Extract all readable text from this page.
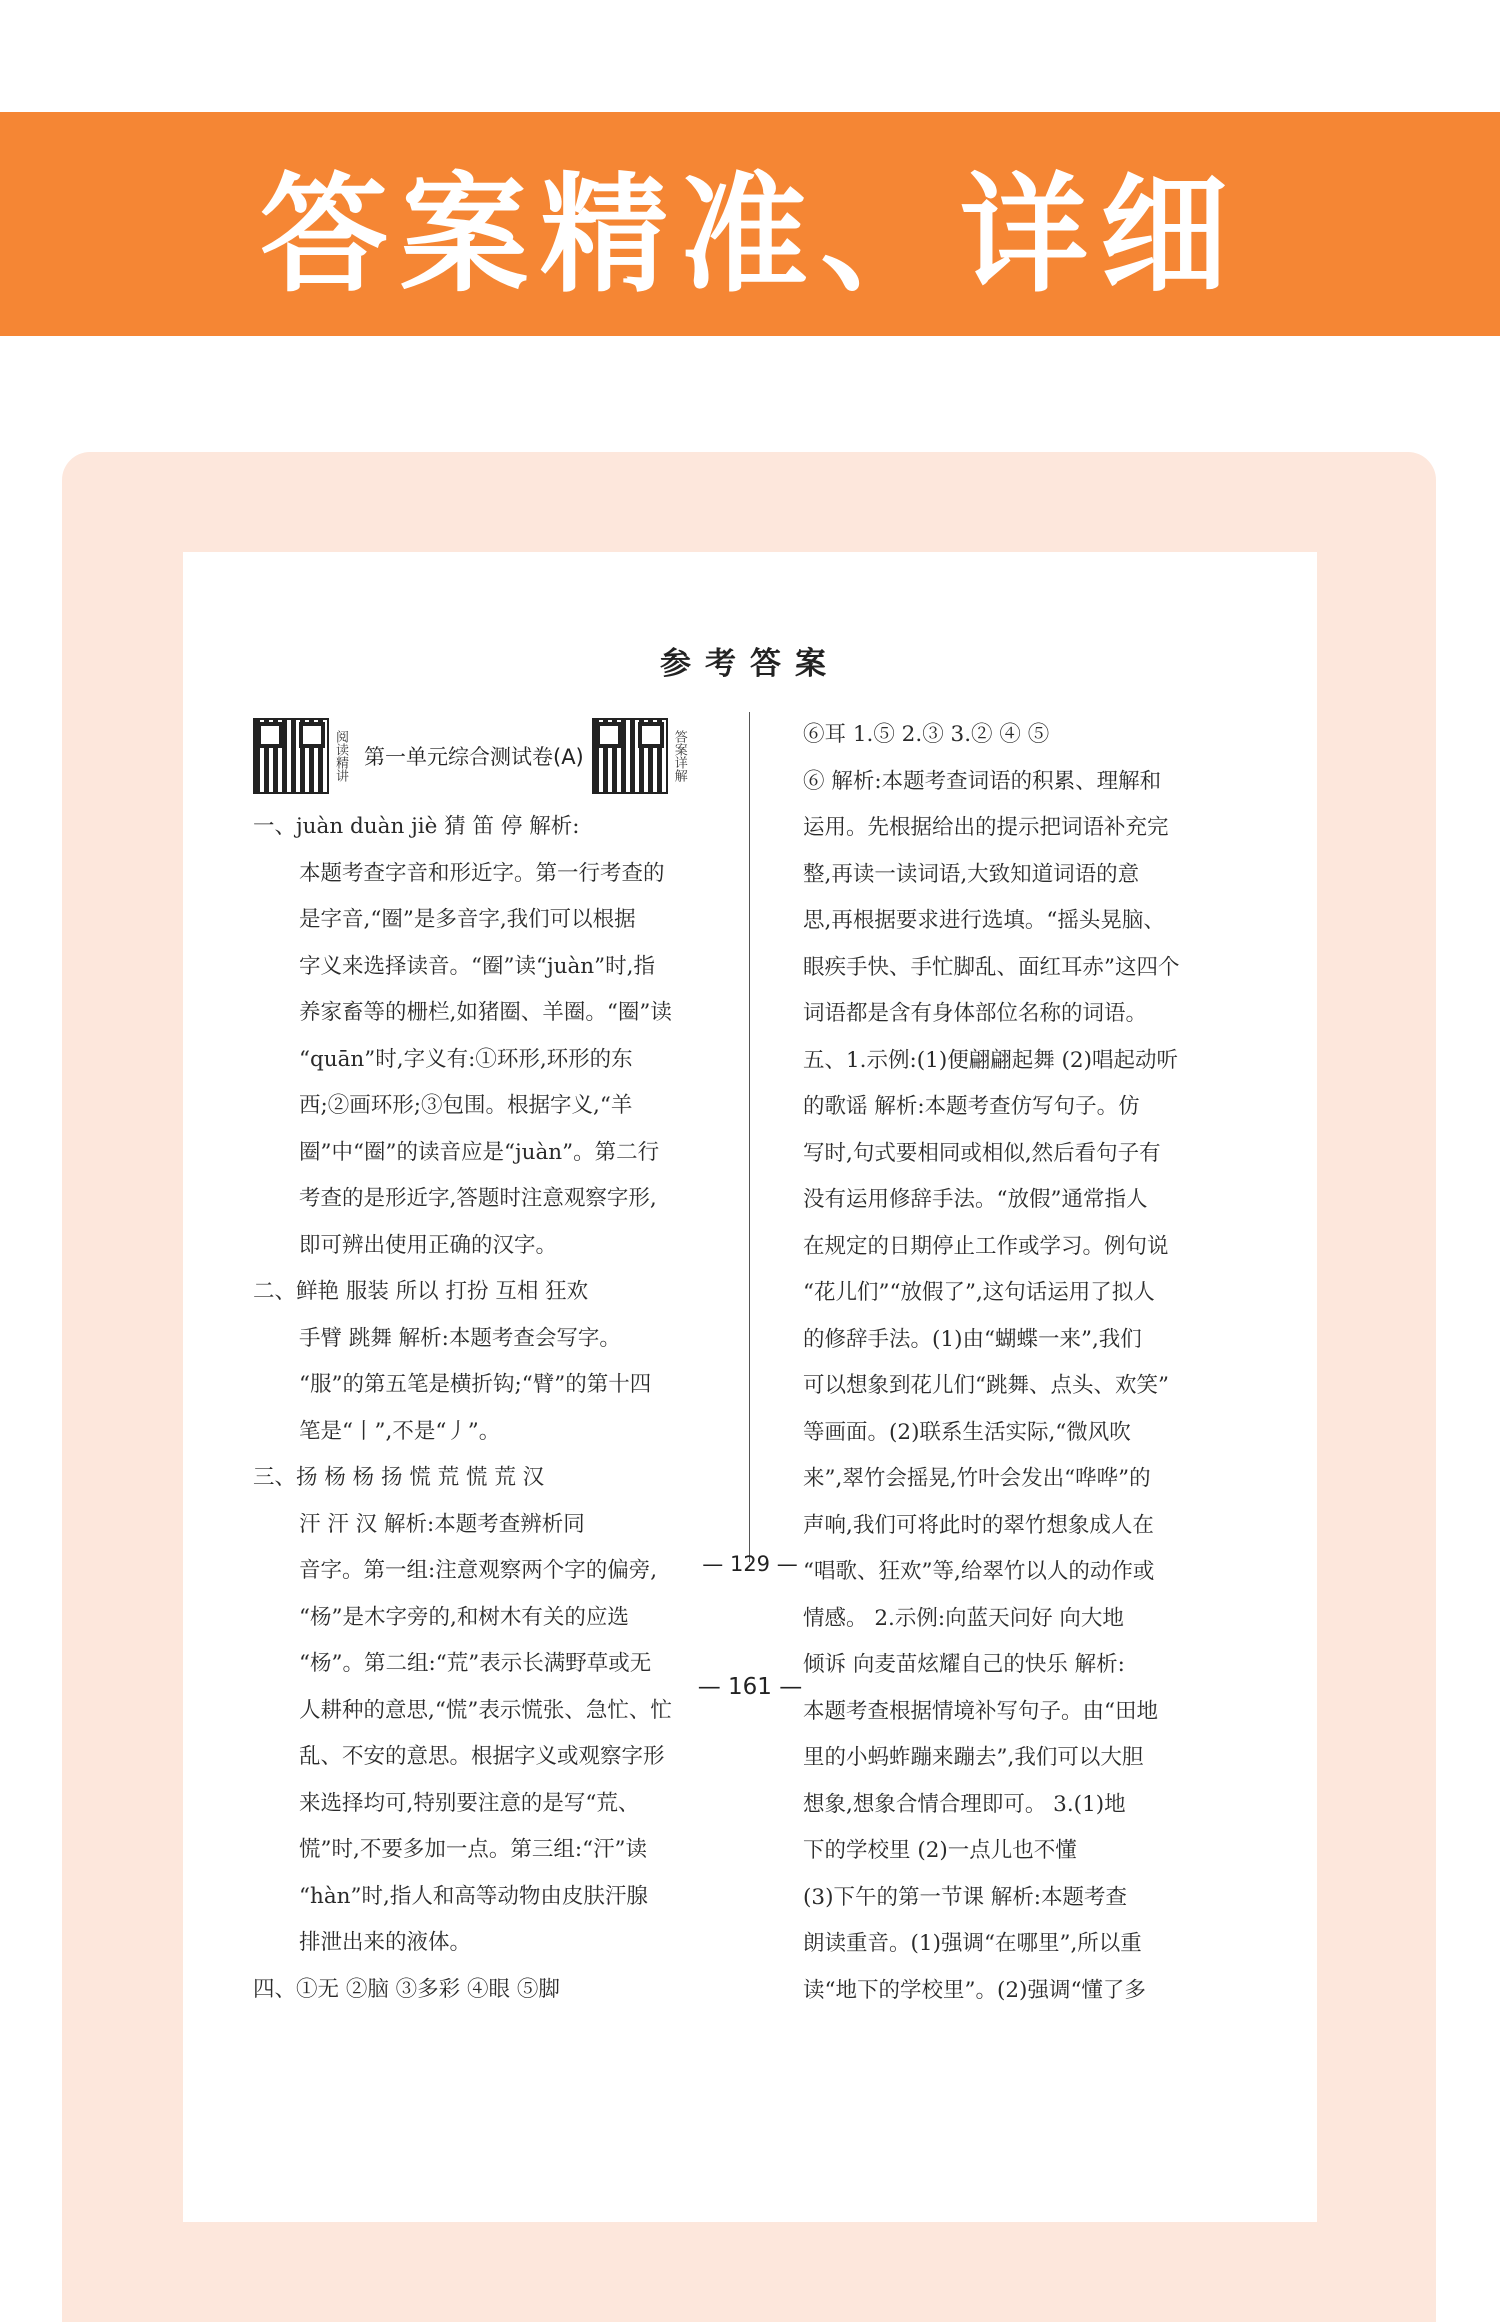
答案精准、详细
参考答案
阅读精讲 第一单元综合测试卷(A)	答案详解
一、juàn duàn jiè 猜 笛 停 解析:
本题考查字音和形近字。第一行考查的
是字音,“圈”是多音字,我们可以根据
字义来选择读音。“圈”读“juàn”时,指
养家畜等的栅栏,如猪圈、羊圈。“圈”读
“quān”时,字义有:①环形,环形的东
西;②画环形;③包围。根据字义,“羊
圈”中“圈”的读音应是“juàn”。第二行
考查的是形近字,答题时注意观察字形,
即可辨出使用正确的汉字。
二、鲜艳 服装 所以 打扮 互相 狂欢
手臂 跳舞 解析:本题考查会写字。
“服”的第五笔是横折钩;“臂”的第十四
笔是“丨”,不是“丿”。
三、扬 杨 杨 扬 慌 荒 慌 荒 汉
汗 汗 汉 解析:本题考查辨析同
音字。第一组:注意观察两个字的偏旁,
“杨”是木字旁的,和树木有关的应选
“杨”。第二组:“荒”表示长满野草或无
人耕种的意思,“慌”表示慌张、急忙、忙
乱、不安的意思。根据字义或观察字形
来选择均可,特别要注意的是写“荒、
慌”时,不要多加一点。第三组:“汗”读
“hàn”时,指人和高等动物由皮肤汗腺
排泄出来的液体。
四、①无 ②脑 ③多彩 ④眼 ⑤脚
⑥耳 1.⑤ 2.③ 3.② ④ ⑤
⑥ 解析:本题考查词语的积累、理解和
运用。先根据给出的提示把词语补充完
整,再读一读词语,大致知道词语的意
思,再根据要求进行选填。“摇头晃脑、
眼疾手快、手忙脚乱、面红耳赤”这四个
词语都是含有身体部位名称的词语。
五、1.示例:(1)便翩翩起舞 (2)唱起动听
的歌谣 解析:本题考查仿写句子。仿
写时,句式要相同或相似,然后看句子有
没有运用修辞手法。“放假”通常指人
在规定的日期停止工作或学习。例句说
“花儿们”“放假了”,这句话运用了拟人
的修辞手法。(1)由“蝴蝶一来”,我们
可以想象到花儿们“跳舞、点头、欢笑”
等画面。(2)联系生活实际,“微风吹
来”,翠竹会摇晃,竹叶会发出“哗哗”的
声响,我们可将此时的翠竹想象成人在
“唱歌、狂欢”等,给翠竹以人的动作或
情感。 2.示例:向蓝天问好 向大地
倾诉 向麦苗炫耀自己的快乐 解析:
本题考查根据情境补写句子。由“田地
里的小蚂蚱蹦来蹦去”,我们可以大胆
想象,想象合情合理即可。 3.(1)地
下的学校里 (2)一点儿也不懂
(3)下午的第一节课 解析:本题考查
朗读重音。(1)强调“在哪里”,所以重
读“地下的学校里”。(2)强调“懂了多
— 129 —
— 161 —
